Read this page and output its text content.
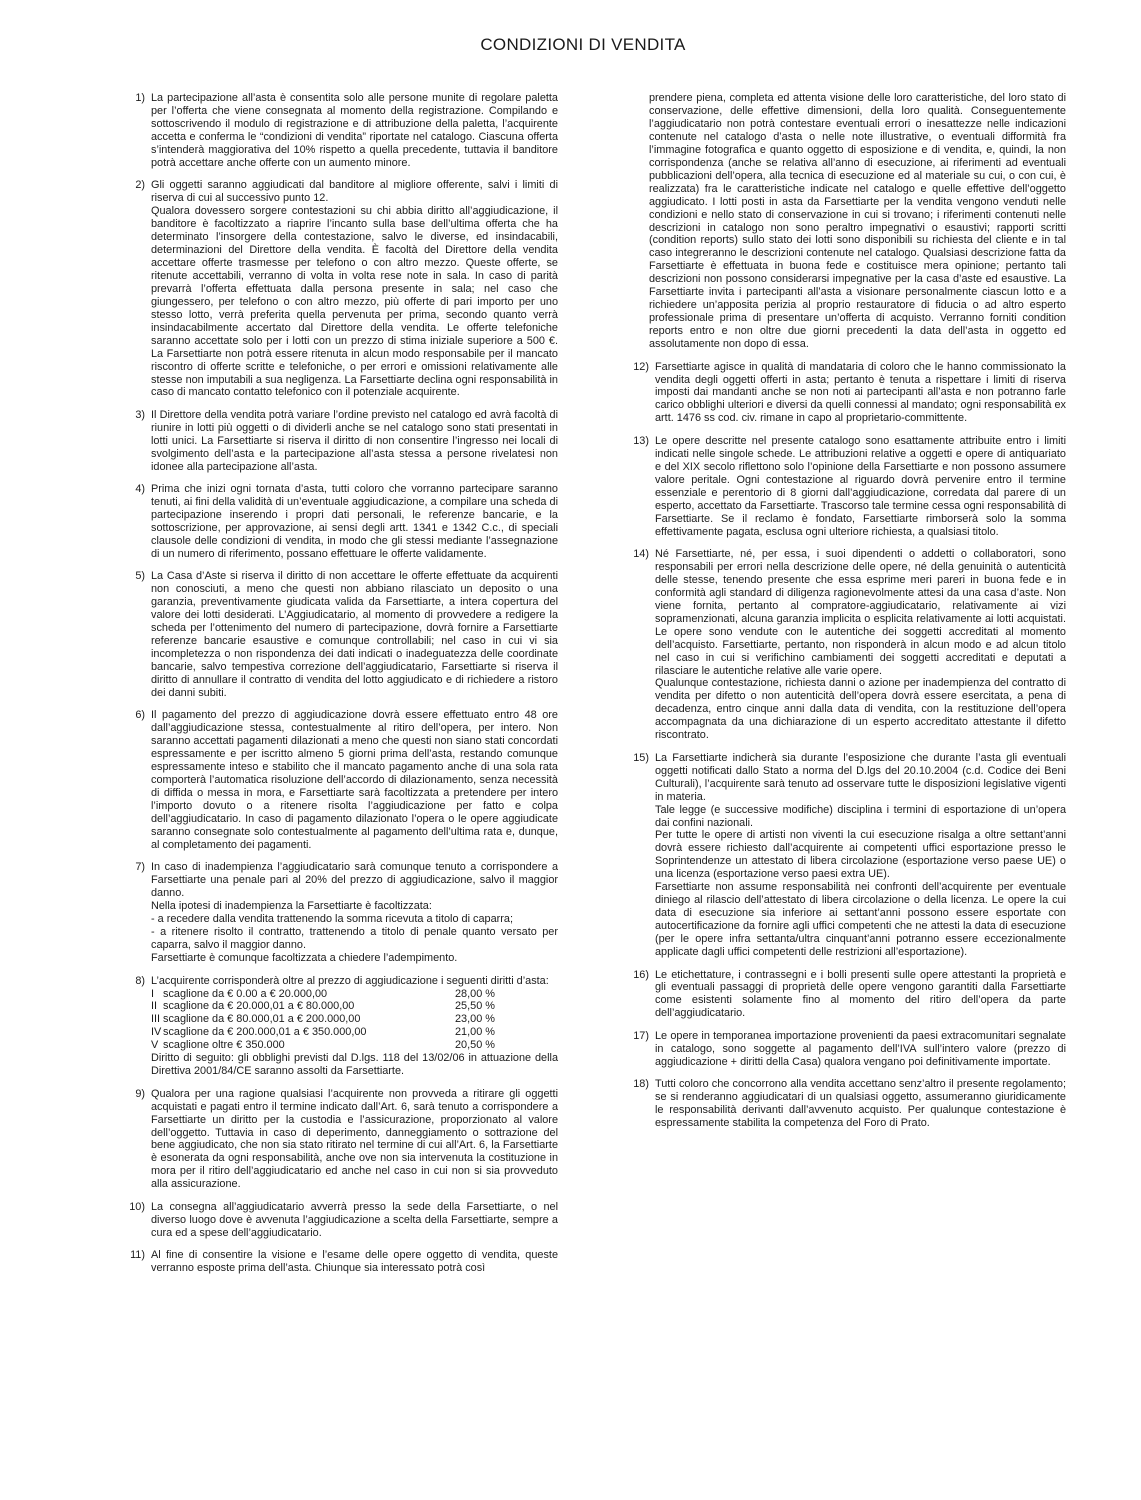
CONDIZIONI DI VENDITA
1) La partecipazione all’asta è consentita solo alle persone munite di regolare paletta per l’offerta che viene consegnata al momento della registrazione. Compilando e sottoscrivendo il modulo di registrazione e di attribuzione della paletta, l’acquirente accetta e conferma le “condizioni di vendita” riportate nel catalogo. Ciascuna offerta s’intenderà maggiorativa del 10% rispetto a quella precedente, tuttavia il banditore potrà accettare anche offerte con un aumento minore.

2) Gli oggetti saranno aggiudicati dal banditore al migliore offerente, salvi i limiti di riserva di cui al successivo punto 12.

Qualora dovessero sorgere contestazioni su chi abbia diritto all’aggiudicazione, il banditore è facoltizzato a riaprire l’incanto sulla base dell’ultima offerta che ha determinato l’insorgere della contestazione, salvo le diverse, ed insindacabili, determinazioni del Direttore della vendita. È facoltà del Direttore della vendita accettare offerte trasmesse per telefono o con altro mezzo. Queste offerte, se ritenute accettabili, verranno di volta in volta rese note in sala. In caso di parità prevarrà l’offerta effettuata dalla persona presente in sala; nel caso che giungessero, per telefono o con altro mezzo, più offerte di pari importo per uno stesso lotto, verrà preferita quella pervenuta per prima, secondo quanto verrà insindacabilmente accertato dal Direttore della vendita. Le offerte telefoniche saranno accettate solo per i lotti con un prezzo di stima iniziale superiore a 500 €. La Farsettiarte non potrà essere ritenuta in alcun modo responsabile per il mancato riscontro di offerte scritte e telefoniche, o per errori e omissioni relativamente alle stesse non imputabili a sua negligenza. La Farsettiarte declina ogni responsabilità in caso di mancato contatto telefonico con il potenziale acquirente.

3) Il Direttore della vendita potrà variare l’ordine previsto nel catalogo ed avrà facoltà di riunire in lotti più oggetti o di dividerli anche se nel catalogo sono stati presentati in lotti unici. La Farsettiarte si riserva il diritto di non consentire l’ingresso nei locali di svolgimento dell’asta e la partecipazione all’asta stessa a persone rivelatesi non idonee alla partecipazione all’asta.

4) Prima che inizi ogni tornata d’asta, tutti coloro che vorranno partecipare saranno tenuti, ai fini della validità di un’eventuale aggiudicazione, a compilare una scheda di partecipazione inserendo i propri dati personali, le referenze bancarie, e la sottoscrizione, per approvazione, ai sensi degli artt. 1341 e 1342 C.c., di speciali clausole delle condizioni di vendita, in modo che gli stessi mediante l’assegnazione di un numero di riferimento, possano effettuare le offerte validamente.

5) La Casa d’Aste si riserva il diritto di non accettare le offerte effettuate da acquirenti non conosciuti, a meno che questi non abbiano rilasciato un deposito o una garanzia, preventivamente giudicata valida da Farsettiarte, a intera copertura del valore dei lotti desiderati. L’Aggiudicatario, al momento di provvedere a redigere la scheda per l’ottenimento del numero di partecipazione, dovrà fornire a Farsettiarte referenze bancarie esaustive e comunque controllabili; nel caso in cui vi sia incompletezza o non rispondenza dei dati indicati o inadeguatezza delle coordinate bancarie, salvo tempestiva correzione dell’aggiudicatario, Farsettiarte si riserva il diritto di annullare il contratto di vendita del lotto aggiudicato e di richiedere a ristoro dei danni subiti.

6) Il pagamento del prezzo di aggiudicazione dovrà essere effettuato entro 48 ore dall’aggiudicazione stessa, contestualmente al ritiro dell’opera, per intero. Non saranno accettati pagamenti dilazionati a meno che questi non siano stati concordati espressamente e per iscritto almeno 5 giorni prima dell’asta, restando comunque espressamente inteso e stabilito che il mancato pagamento anche di una sola rata comporterà l’automatica risoluzione dell’accordo di dilazionamento, senza necessità di diffida o messa in mora, e Farsettiarte sarà facoltizzata a pretendere per intero l’importo dovuto o a ritenere risolta l’aggiudicazione per fatto e colpa dell’aggiudicatario. In caso di pagamento dilazionato l’opera o le opere aggiudicate saranno consegnate solo contestualmente al pagamento dell’ultima rata e, dunque, al completamento dei pagamenti.

7) In caso di inadempienza l’aggiudicatario sarà comunque tenuto a corrispondere a Farsettiarte una penale pari al 20% del prezzo di aggiudicazione, salvo il maggior danno.

Nella ipotesi di inadempienza la Farsettiarte è facoltizzata:

- a recedere dalla vendita trattenendo la somma ricevuta a titolo di caparra;

- a ritenere risolto il contratto, trattenendo a titolo di penale quanto versato per caparra, salvo il maggior danno.

Farsettiarte è comunque facoltizzata a chiedere l’adempimento.

8) L’acquirente corrisponderà oltre al prezzo di aggiudicazione i seguenti diritti d’asta:

I scaglione da € 0.00 a € 20.000,00	28,00 %
II scaglione da € 20.000,01 a € 80.000,00	25,50 %
III scaglione da € 80.000,01 a € 200.000,00	23,00 %
IV scaglione da € 200.000,01 a € 350.000,00	21,00 %
V scaglione oltre € 350.000	20,50 %

Diritto di seguito: gli obblighi previsti dal D.lgs. 118 del 13/02/06 in attuazione della Direttiva 2001/84/CE saranno assolti da Farsettiarte.

9) Qualora per una ragione qualsiasi l’acquirente non provveda a ritirare gli oggetti acquistati e pagati entro il termine indicato dall’Art. 6, sarà tenuto a corrispondere a Farsettiarte un diritto per la custodia e l’assicurazione, proporzionato al valore dell’oggetto. Tuttavia in caso di deperimento, danneggiamento o sottrazione del bene aggiudicato, che non sia stato ritirato nel termine di cui all’Art. 6, la Farsettiarte è esonerata da ogni responsabilità, anche ove non sia intervenuta la costituzione in mora per il ritiro dell’aggiudicatario ed anche nel caso in cui non si sia provveduto alla assicurazione.

10) La consegna all’aggiudicatario avverrà presso la sede della Farsettiarte, o nel diverso luogo dove è avvenuta l’aggiudicazione a scelta della Farsettiarte, sempre a cura ed a spese dell’aggiudicatario.

11) Al fine di consentire la visione e l’esame delle opere oggetto di vendita, queste verranno esposte prima dell’asta. Chiunque sia interessato potrà così

prendere piena, completa ed attenta visione delle loro caratteristiche, del loro stato di conservazione, delle effettive dimensioni, della loro qualità. Conseguentemente l’aggiudicatario non potrà contestare eventuali errori o inesattezze nelle indicazioni contenute nel catalogo d’asta o nelle note illustrative, o eventuali difformità fra l’immagine fotografica e quanto oggetto di esposizione e di vendita, e, quindi, la non corrispondenza (anche se relativa all’anno di esecuzione, ai riferimenti ad eventuali pubblicazioni dell’opera, alla tecnica di esecuzione ed al materiale su cui, o con cui, è realizzata) fra le caratteristiche indicate nel catalogo e quelle effettive dell’oggetto aggiudicato. I lotti posti in asta da Farsettiarte per la vendita vengono venduti nelle condizioni e nello stato di conservazione in cui si trovano; i riferimenti contenuti nelle descrizioni in catalogo non sono peraltro impegnativi o esaustivi; rapporti scritti (condition reports) sullo stato dei lotti sono disponibili su richiesta del cliente e in tal caso integreranno le descrizioni contenute nel catalogo. Qualsiasi descrizione fatta da Farsettiarte è effettuata in buona fede e costituisce mera opinione; pertanto tali descrizioni non possono considerarsi impegnative per la casa d’aste ed esaustive. La Farsettiarte invita i partecipanti all’asta a visionare personalmente ciascun lotto e a richiedere un’apposita perizia al proprio restauratore di fiducia o ad altro esperto professionale prima di presentare un’offerta di acquisto. Verranno forniti condition reports entro e non oltre due giorni precedenti la data dell’asta in oggetto ed assolutamente non dopo di essa.

12) Farsettiarte agisce in qualità di mandataria di coloro che le hanno commissionato la vendita degli oggetti offerti in asta; pertanto è tenuta a rispettare i limiti di riserva imposti dai mandanti anche se non noti ai partecipanti all’asta e non potranno farle carico obblighi ulteriori e diversi da quelli connessi al mandato; ogni responsabilità ex artt. 1476 ss cod. civ. rimane in capo al proprietario-committente.

13) Le opere descritte nel presente catalogo sono esattamente attribuite entro i limiti indicati nelle singole schede. Le attribuzioni relative a oggetti e opere di antiquariato e del XIX secolo riflettono solo l’opinione della Farsettiarte e non possono assumere valore peritale. Ogni contestazione al riguardo dovrà pervenire entro il termine essenziale e perentorio di 8 giorni dall’aggiudicazione, corredata dal parere di un esperto, accettato da Farsettiarte. Trascorso tale termine cessa ogni responsabilità di Farsettiarte. Se il reclamo è fondato, Farsettiarte rimborserà solo la somma effettivamente pagata, esclusa ogni ulteriore richiesta, a qualsiasi titolo.

14) Né Farsettiarte, né, per essa, i suoi dipendenti o addetti o collaboratori, sono responsabili per errori nella descrizione delle opere, né della genuinità o autenticità delle stesse, tenendo presente che essa esprime meri pareri in buona fede e in conformità agli standard di diligenza ragionevolmente attesi da una casa d’aste. Non viene fornita, pertanto al compratore-aggiudicatario, relativamente ai vizi sopramenzionati, alcuna garanzia implicita o esplicita relativamente ai lotti acquistati. Le opere sono vendute con le autentiche dei soggetti accreditati al momento dell’acquisto. Farsettiarte, pertanto, non risponderà in alcun modo e ad alcun titolo nel caso in cui si verifichino cambiamenti dei soggetti accreditati e deputati a rilasciare le autentiche relative alle varie opere.

Qualunque contestazione, richiesta danni o azione per inadempienza del contratto di vendita per difetto o non autenticità dell’opera dovrà essere esercitata, a pena di decadenza, entro cinque anni dalla data di vendita, con la restituzione dell’opera accompagnata da una dichiarazione di un esperto accreditato attestante il difetto riscontrato.

15) La Farsettiarte indicherà sia durante l’esposizione che durante l’asta gli eventuali oggetti notificati dallo Stato a norma del D.lgs del 20.10.2004 (c.d. Codice dei Beni Culturali), l’acquirente sarà tenuto ad osservare tutte le disposizioni legislative vigenti in materia.

Tale legge (e successive modifiche) disciplina i termini di esportazione di un’opera dai confini nazionali.

Per tutte le opere di artisti non viventi la cui esecuzione risalga a oltre settant’anni dovrà essere richiesto dall’acquirente ai competenti uffici esportazione presso le Soprintendenze un attestato di libera circolazione (esportazione verso paese UE) o una licenza (esportazione verso paesi extra UE).

Farsettiarte non assume responsabilità nei confronti dell’acquirente per eventuale diniego al rilascio dell’attestato di libera circolazione o della licenza. Le opere la cui data di esecuzione sia inferiore ai settant’anni possono essere esportate con autocertificazione da fornire agli uffici competenti che ne attesti la data di esecuzione (per le opere infra settanta/ultra cinquant’anni potranno essere eccezionalmente applicate dagli uffici competenti delle restrizioni all’esportazione).

16) Le etichettature, i contrassegni e i bolli presenti sulle opere attestanti la proprietà e gli eventuali passaggi di proprietà delle opere vengono garantiti dalla Farsettiarte come esistenti solamente fino al momento del ritiro dell’opera da parte dell’aggiudicatario.

17) Le opere in temporanea importazione provenienti da paesi extracomunitari segnalate in catalogo, sono soggette al pagamento dell’IVA sull’intero valore (prezzo di aggiudicazione + diritti della Casa) qualora vengano poi definitivamente importate.

18) Tutti coloro che concorrono alla vendita accettano senz’altro il presente regolamento; se si renderanno aggiudicatari di un qualsiasi oggetto, assumeranno giuridicamente le responsabilità derivanti dall’avvenuto acquisto. Per qualunque contestazione è espressamente stabilita la competenza del Foro di Prato.
